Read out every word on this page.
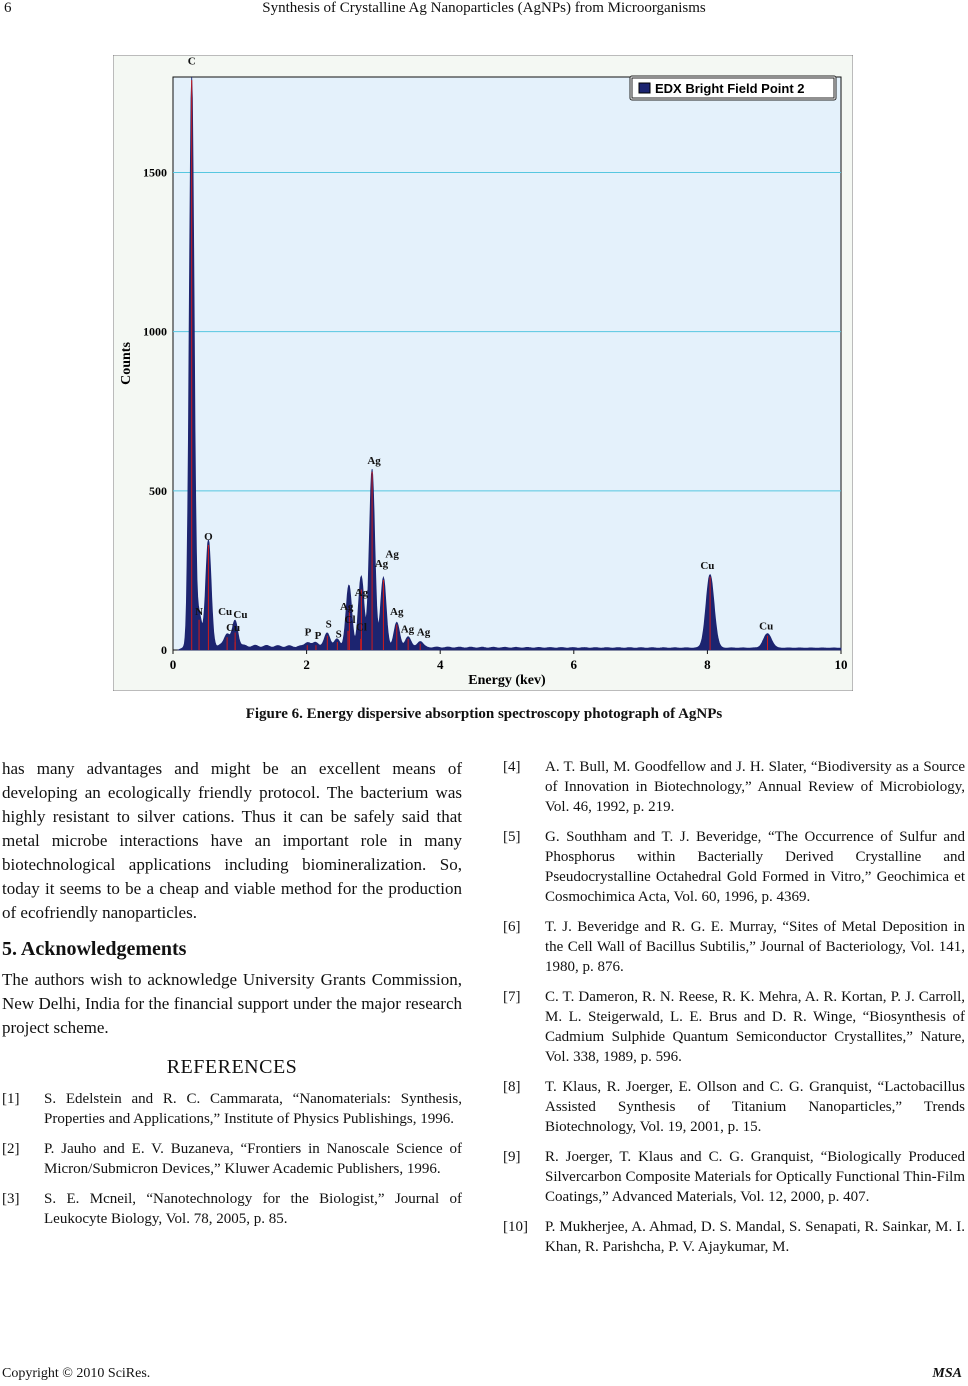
6	Synthesis of Crystalline Ag Nanoparticles (AgNPs) from Microorganisms
0
500
1000
1500
0	2	4	6	8	10
C
N
O
Cu Cu
Cu	P P
S
S
Ag
Cl
Cl
Ag
Ag
Ag
Ag
Ag
Ag Ag
Cu
Cu
Energy (kev)
Counts
EDX Bright Field Point 2
Figure 6. Energy dispersive absorption spectroscopy photograph of AgNPs

has many advantages and might be an excellent means of developing an ecologically friendly protocol. The bacterium was highly resistant to silver cations. Thus it can be safely said that metal microbe interactions have an important role in many biotechnological applications including biomineralization. So, today it seems to be a cheap and viable method for the production of ecofriendly nanoparticles.

5. Acknowledgements

The authors wish to acknowledge University Grants Commission, New Delhi, India for the financial support under the major research project scheme.

REFERENCES
[1]	S. Edelstein and R. C. Cammarata, “Nanomaterials: Synthesis, Properties and Applications,” Institute of Physics Publishings, 1996.
[2]	P. Jauho and E. V. Buzaneva, “Frontiers in Nanoscale Science of Micron/Submicron Devices,” Kluwer Academic Publishers, 1996.
[3]	S. E. Mcneil, “Nanotechnology for the Biologist,” Journal of Leukocyte Biology, Vol. 78, 2005, p. 85.
[4]	A. T. Bull, M. Goodfellow and J. H. Slater, “Biodiversity as a Source of Innovation in Biotechnology,” Annual Review of Microbiology, Vol. 46, 1992, p. 219.
[5]	G. Southham and T. J. Beveridge, “The Occurrence of Sulfur and Phosphorus within Bacterially Derived Crystalline and Pseudocrystalline Octahedral Gold Formed in Vitro,” Geochimica et Cosmochimica Acta, Vol. 60, 1996, p. 4369.
[6]	T. J. Beveridge and R. G. E. Murray, “Sites of Metal Deposition in the Cell Wall of Bacillus Subtilis,” Journal of Bacteriology, Vol. 141, 1980, p. 876.
[7]	C. T. Dameron, R. N. Reese, R. K. Mehra, A. R. Kortan, P. J. Carroll, M. L. Steigerwald, L. E. Brus and D. R. Winge, “Biosynthesis of Cadmium Sulphide Quantum Semiconductor Crystallites,” Nature, Vol. 338, 1989, p. 596.
[8]	T. Klaus, R. Joerger, E. Ollson and C. G. Granquist, “Lactobacillus Assisted Synthesis of Titanium Nanoparticles,” Trends Biotechnology, Vol. 19, 2001, p. 15.
[9]	R. Joerger, T. Klaus and C. G. Granquist, “Biologically Produced Silvercarbon Composite Materials for Optically Functional Thin-Film Coatings,” Advanced Materials, Vol. 12, 2000, p. 407.
[10]	P. Mukherjee, A. Ahmad, D. S. Mandal, S. Senapati, R. Sainkar, M. I. Khan, R. Parishcha, P. V. Ajaykumar, M.
Copyright © 2010 SciRes.	MSA
